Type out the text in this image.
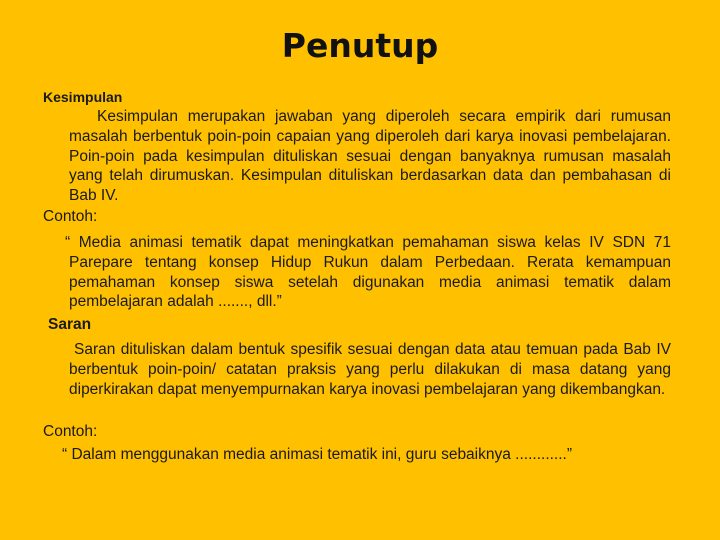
Penutup

Kesimpulan

Kesimpulan merupakan jawaban yang diperoleh secara empirik dari rumusan masalah berbentuk poin-poin capaian yang diperoleh dari karya inovasi pembelajaran. Poin-poin pada kesimpulan dituliskan sesuai dengan banyaknya rumusan masalah yang telah dirumuskan. Kesimpulan dituliskan berdasarkan data dan pembahasan di Bab IV.

Contoh:

“ Media animasi tematik dapat meningkatkan pemahaman siswa kelas IV SDN 71 Parepare tentang konsep Hidup Rukun dalam Perbedaan. Rerata kemampuan pemahaman konsep siswa setelah digunakan media animasi tematik dalam pembelajaran adalah ......., dll.”

Saran

Saran dituliskan dalam bentuk spesifik sesuai dengan data atau temuan pada Bab IV berbentuk poin-poin/ catatan praksis yang perlu dilakukan di masa datang yang diperkirakan dapat menyempurnakan karya inovasi pembelajaran yang dikembangkan.

Contoh:

“ Dalam menggunakan media animasi tematik ini, guru sebaiknya ............”
